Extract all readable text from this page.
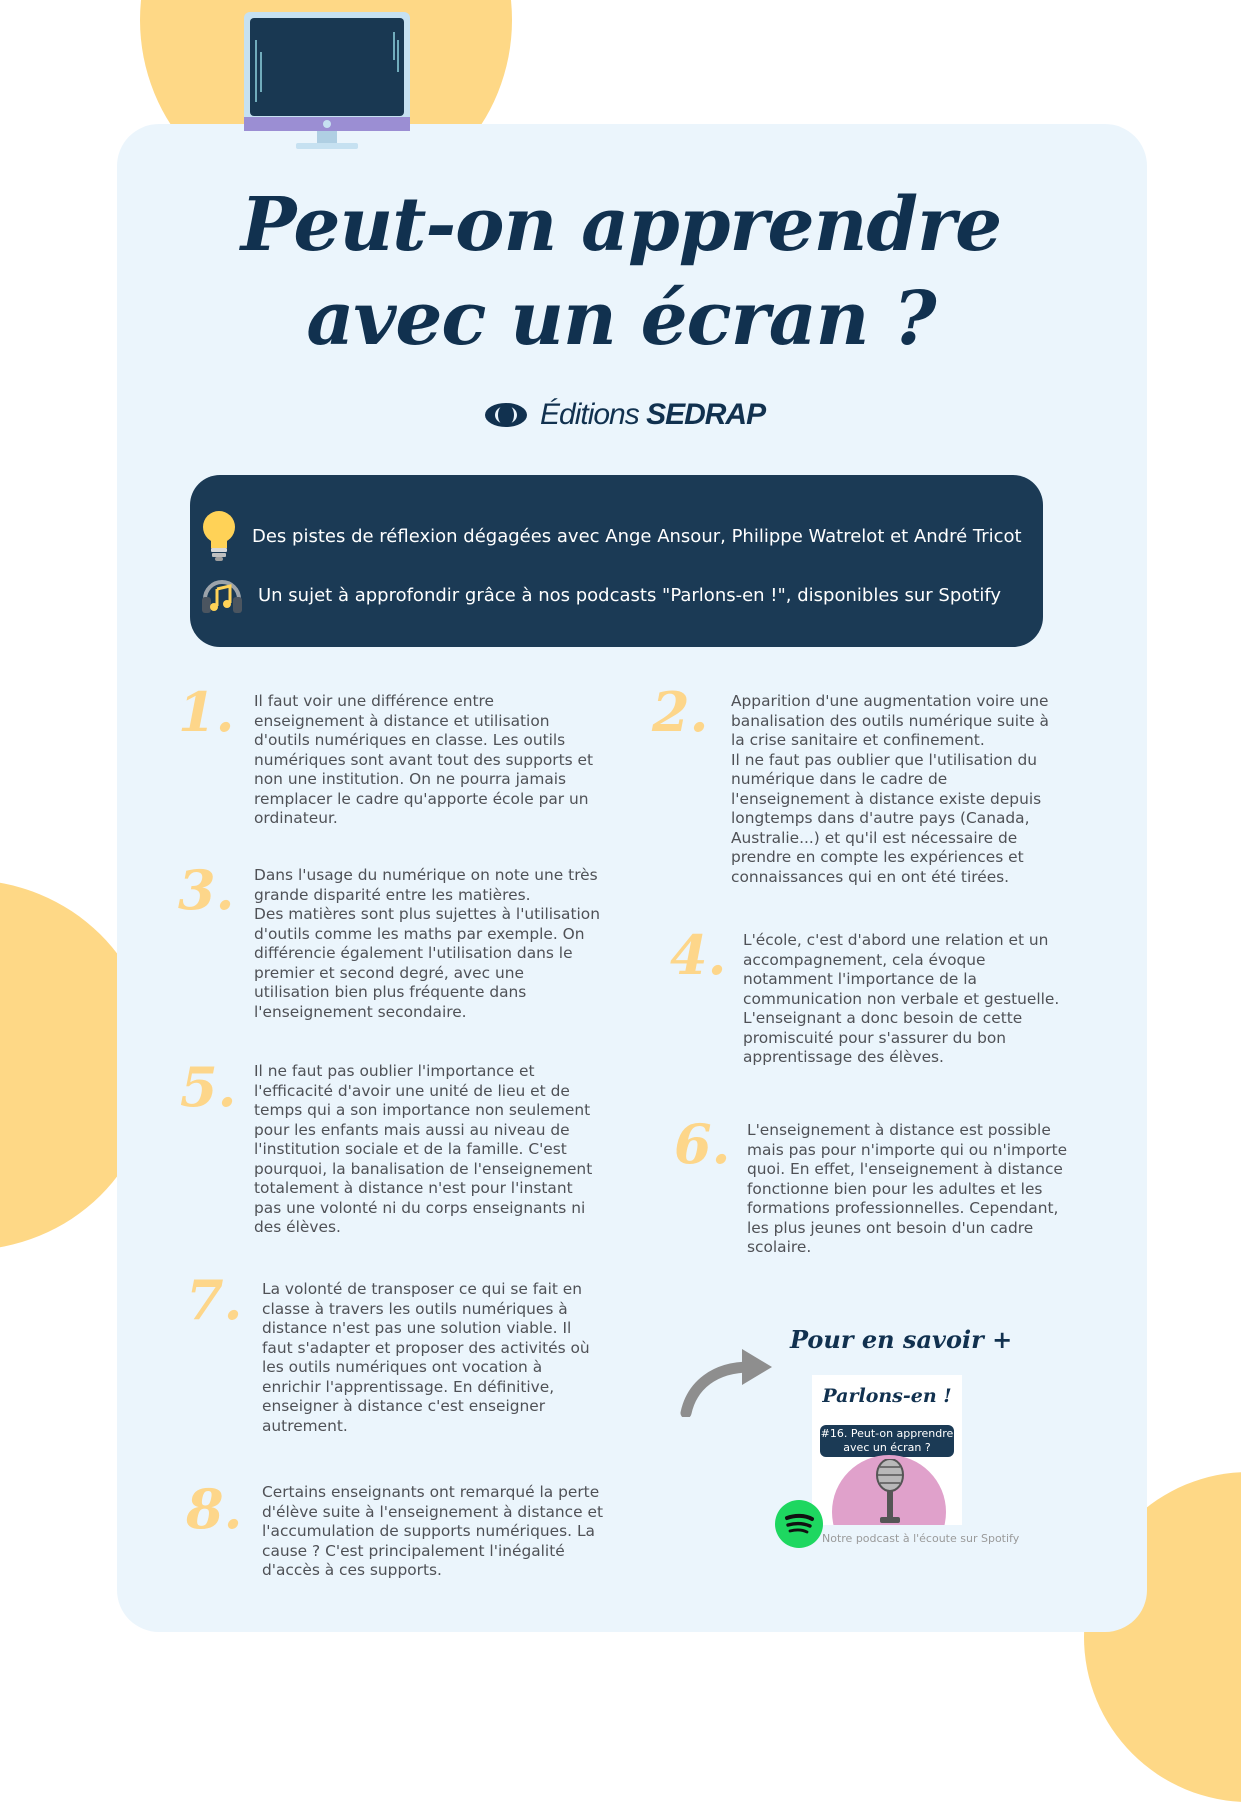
Peut-on apprendre avec un écran ?
Éditions SEDRAP
Des pistes de réflexion dégagées avec Ange Ansour, Philippe Watrelot et André Tricot
Un sujet à approfondir grâce à nos podcasts "Parlons-en !", disponibles sur Spotify
1. Il faut voir une différence entre
enseignement à distance et utilisation
d'outils numériques en classe. Les outils
numériques sont avant tout des supports et
non une institution. On ne pourra jamais
remplacer le cadre qu'apporte école par un
ordinateur.
2. Apparition d'une augmentation voire une
banalisation des outils numérique suite à
la crise sanitaire et confinement.
Il ne faut pas oublier que l'utilisation du
numérique dans le cadre de
l'enseignement à distance existe depuis
longtemps dans d'autre pays (Canada,
Australie...) et qu'il est nécessaire de
prendre en compte les expériences et
connaissances qui en ont été tirées.
3. Dans l'usage du numérique on note une très
grande disparité entre les matières.
Des matières sont plus sujettes à l'utilisation
d'outils comme les maths par exemple. On
différencie également l'utilisation dans le
premier et second degré, avec une
utilisation bien plus fréquente dans
l'enseignement secondaire.
4. L'école, c'est d'abord une relation et un
accompagnement, cela évoque
notamment l'importance de la
communication non verbale et gestuelle.
L'enseignant a donc besoin de cette
promiscuité pour s'assurer du bon
apprentissage des élèves.
5. Il ne faut pas oublier l'importance et
l'efficacité d'avoir une unité de lieu et de
temps qui a son importance non seulement
pour les enfants mais aussi au niveau de
l'institution sociale et de la famille. C'est
pourquoi, la banalisation de l'enseignement
totalement à distance n'est pour l'instant
pas une volonté ni du corps enseignants ni
des élèves.
6. L'enseignement à distance est possible
mais pas pour n'importe qui ou n'importe
quoi. En effet, l'enseignement à distance
fonctionne bien pour les adultes et les
formations professionnelles. Cependant,
les plus jeunes ont besoin d'un cadre
scolaire.
7. La volonté de transposer ce qui se fait en
classe à travers les outils numériques à
distance n'est pas une solution viable. Il
faut s'adapter et proposer des activités où
les outils numériques ont vocation à
enrichir l'apprentissage. En définitive,
enseigner à distance c'est enseigner
autrement.
8. Certains enseignants ont remarqué la perte
d'élève suite à l'enseignement à distance et
l'accumulation de supports numériques. La
cause ? C'est principalement l'inégalité
d'accès à ces supports.
Pour en savoir +
Parlons-en !
#16. Peut-on apprendre avec un écran ?
Notre podcast à l'écoute sur Spotify
